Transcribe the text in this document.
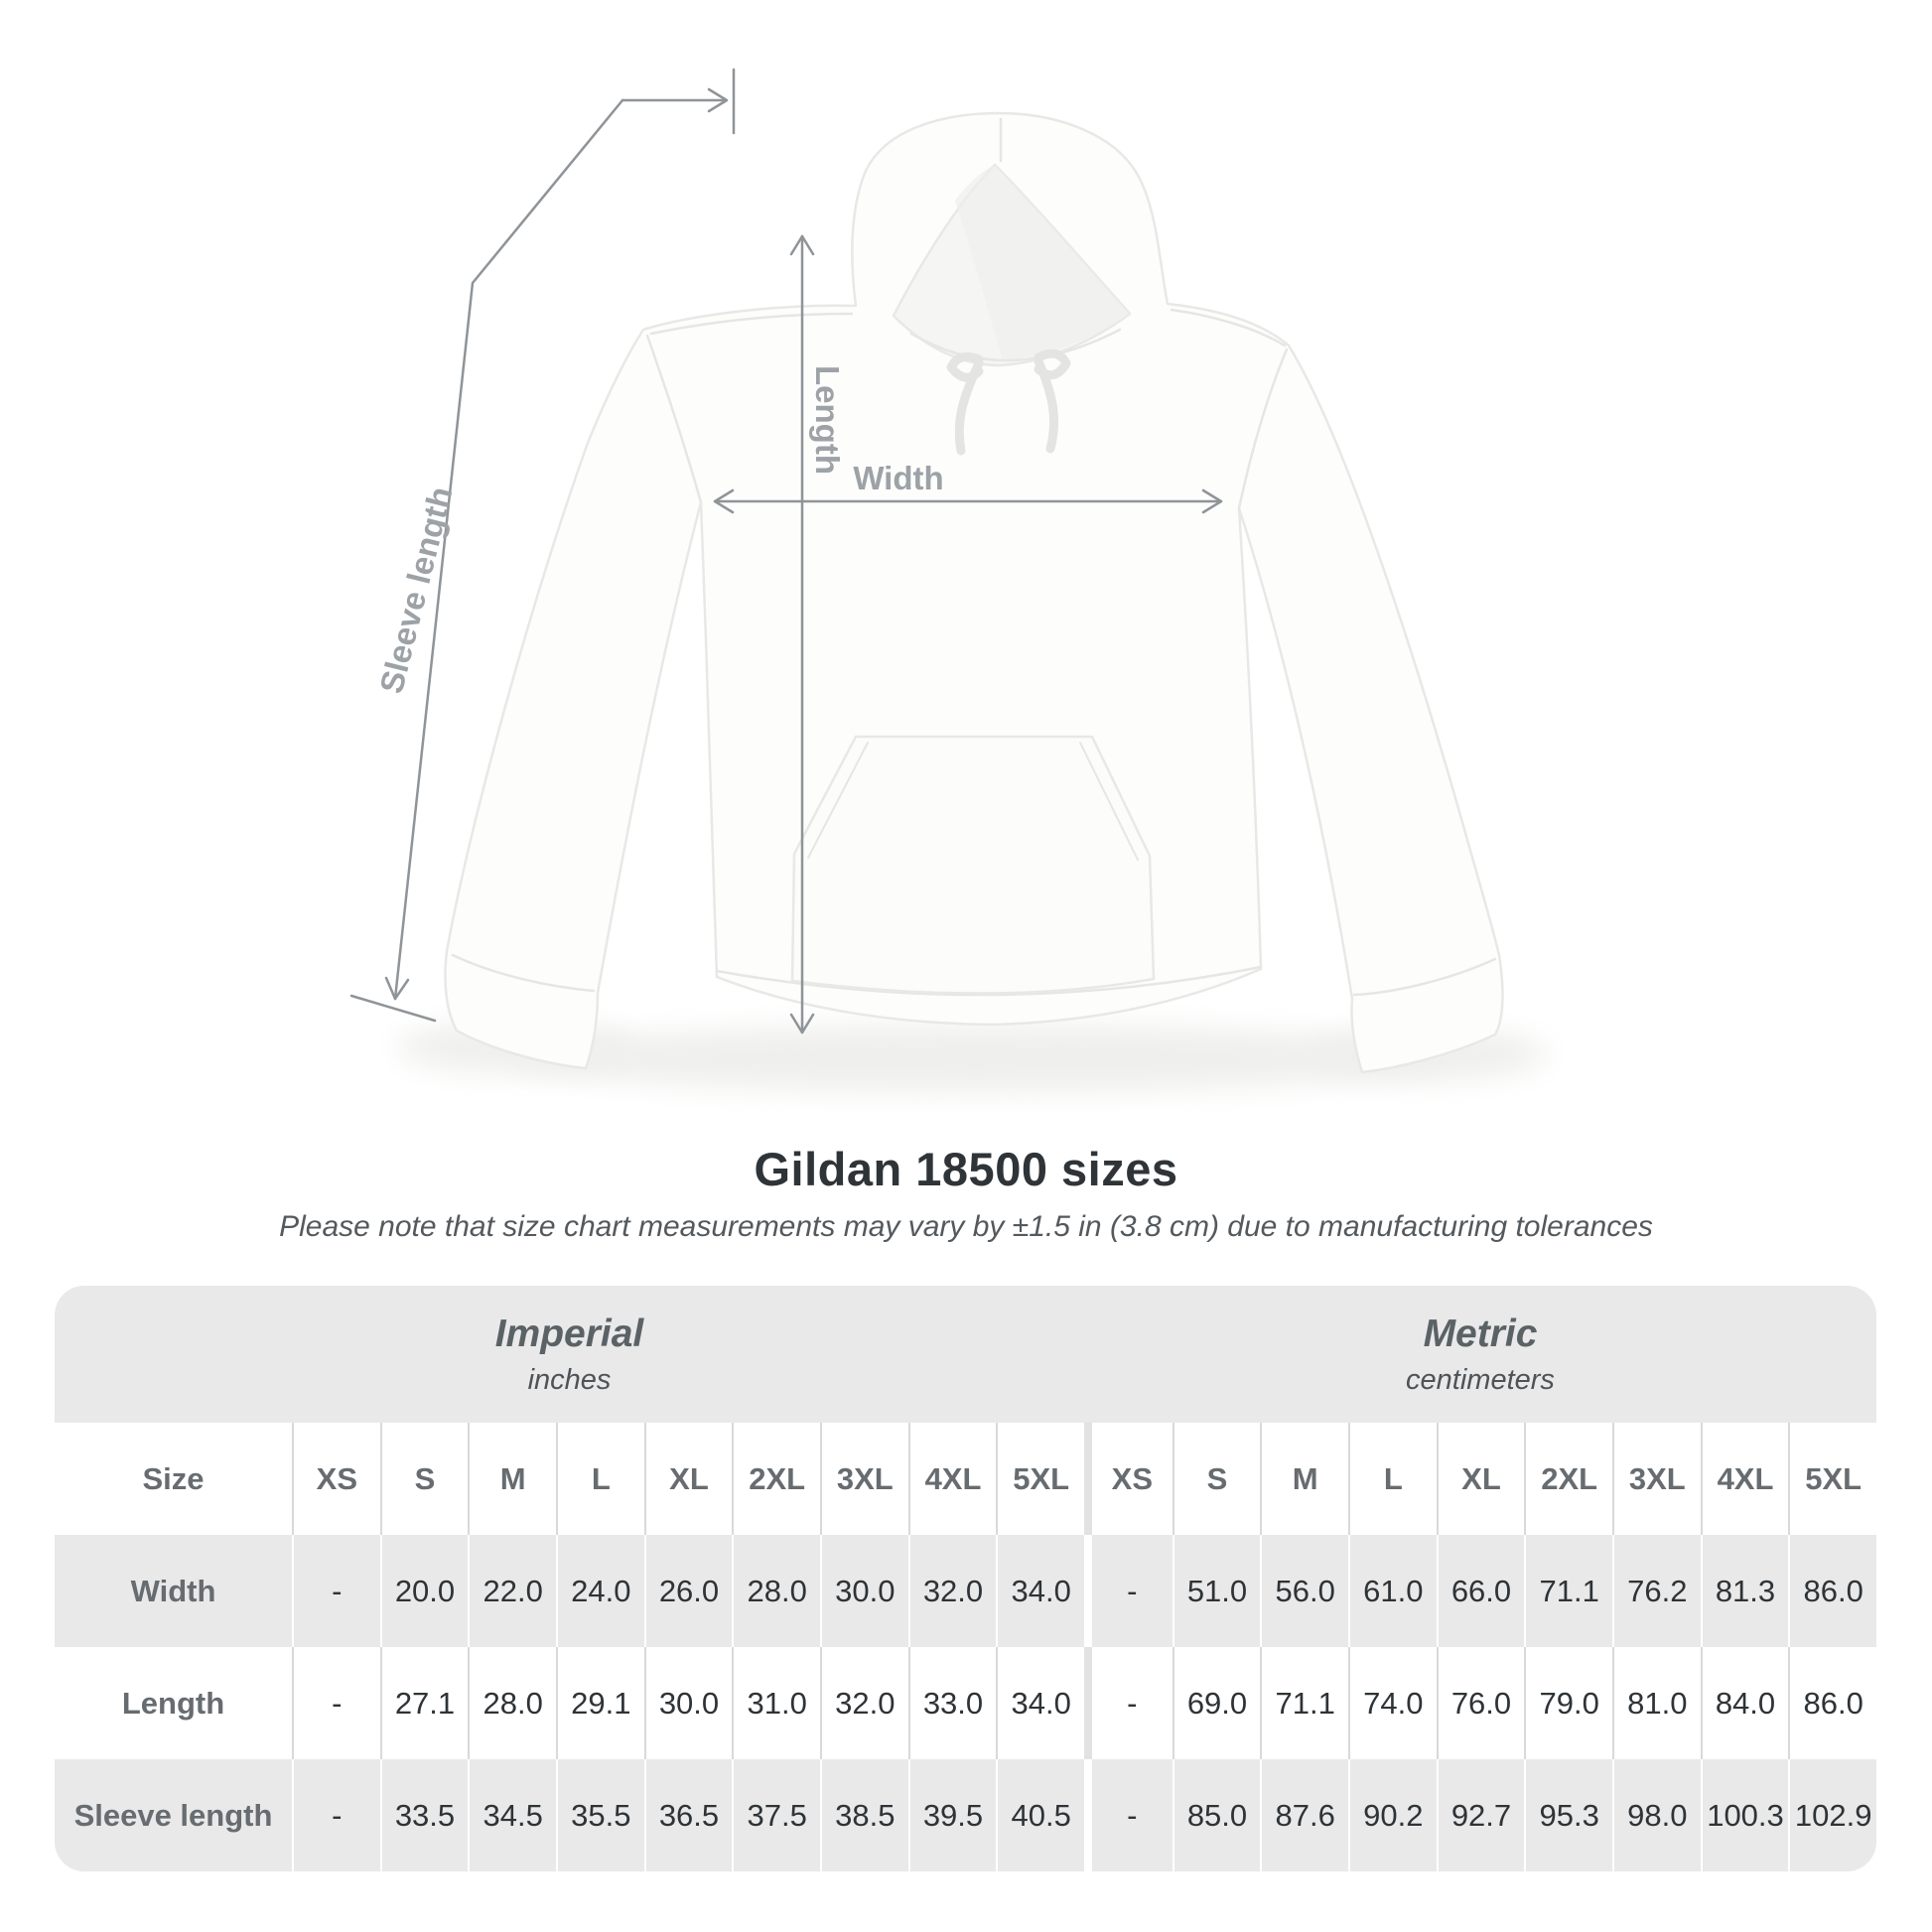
Width
Length
Sleeve length
Gildan 18500 sizes

Please note that size chart measurements may vary by ±1.5 in (3.8 cm) due to manufacturing tolerances

Imperial
inches
Metric
centimeters
Size	XS	S	M	L	XL	2XL	3XL	4XL	5XL	XS	S	M	L	XL	2XL	3XL	4XL	5XL
Width	-	20.0 22.0 24.0 26.0 28.0 30.0 32.0 34.0	-	51.0 56.0 61.0 66.0 71.1 76.2 81.3 86.0
Length	-	27.1 28.0 29.1 30.0 31.0 32.0 33.0 34.0	-	69.0 71.1 74.0 76.0 79.0 81.0 84.0 86.0
Sleeve length	-	33.5 34.5 35.5 36.5 37.5 38.5 39.5 40.5	-	85.0 87.6 90.2 92.7 95.3 98.0 100.3 102.9
